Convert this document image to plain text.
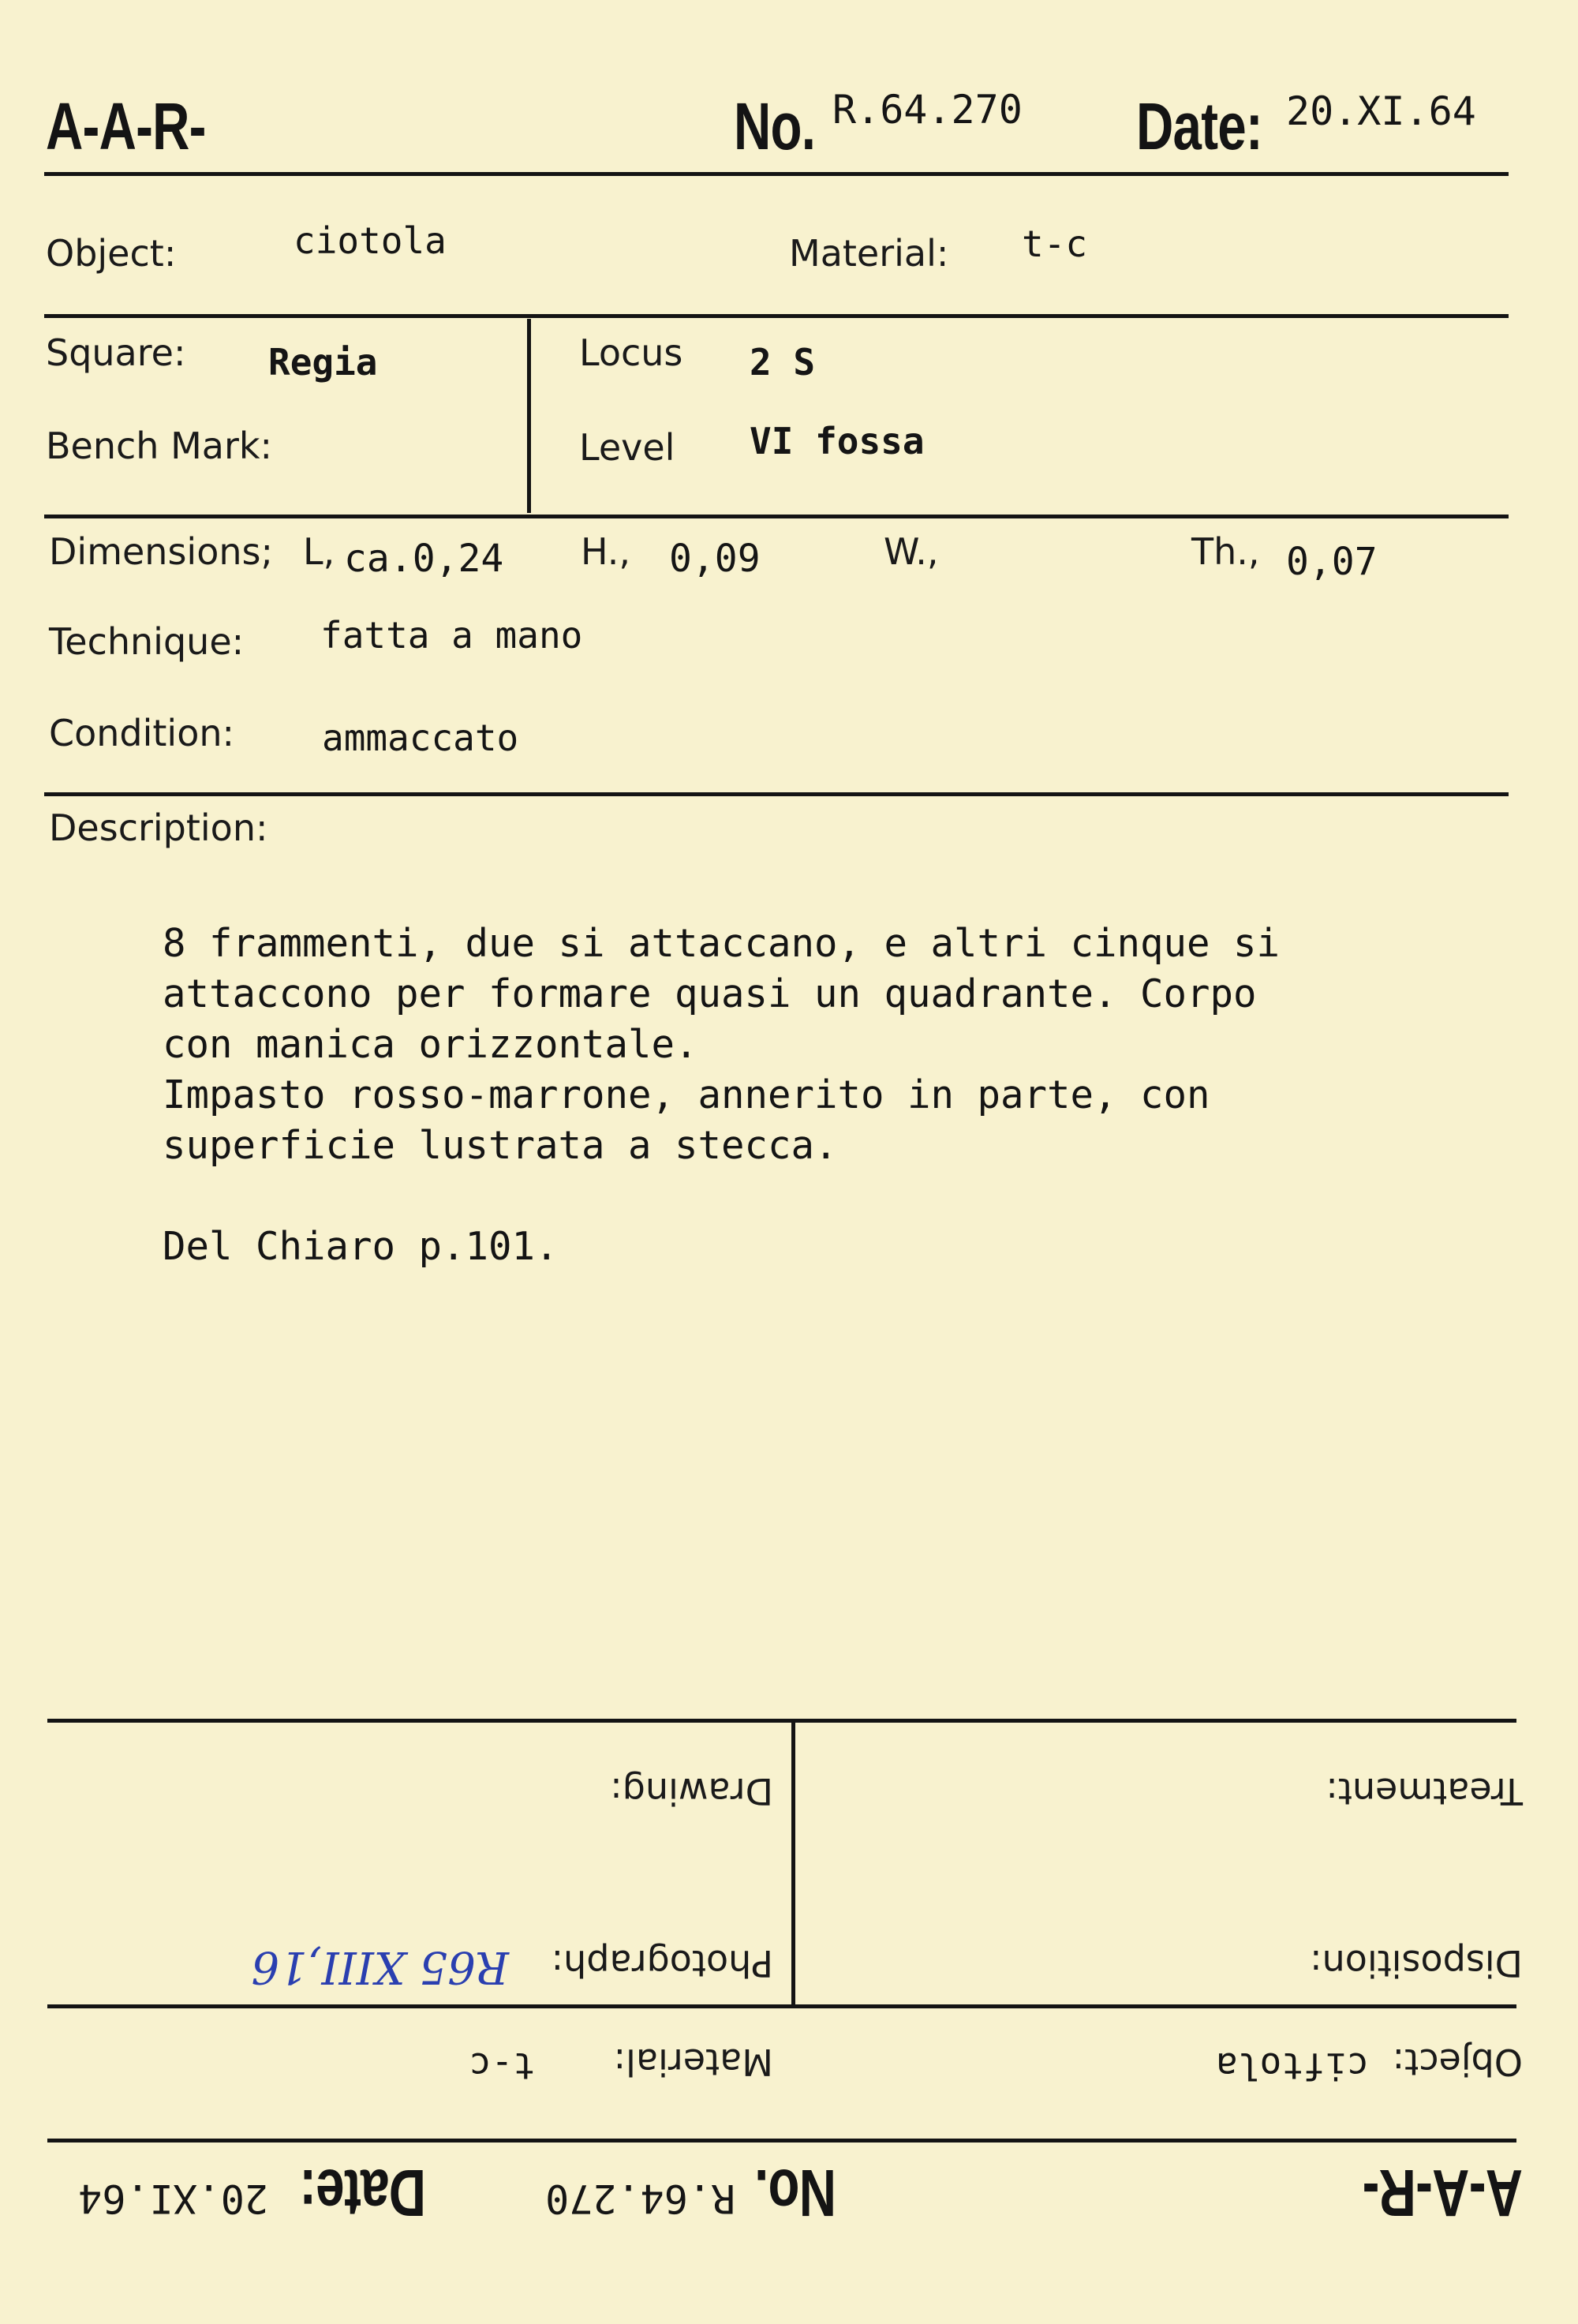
A-A-R-	No. R.64.270 Date: 20.XI.64
Object:	ciotola	Material: t-c
Square: Regia
Bench Mark:
Locus 2 S
Level VI fossa
Dimensions; L, ca.0,24 H., 0,09	W.,	Th., 0,07
Technique: fatta a mano
Condition: ammaccato
Description:

8 frammenti, due si attaccano, e altri cinque si

attaccono per formare quasi un quadrante. Corpo

con manica orizzontale.

Impasto rosso-marrone, annerito in parte, con

superficie lustrata a stecca.

Del Chiaro p.101.

A-A-R-
No.
R.64.270
Date:
20.XI.64
Object:
ciftola
Material:
t-c
Disposition:
Photograph:
R65 XIII,16
Treatment:
Drawing:
